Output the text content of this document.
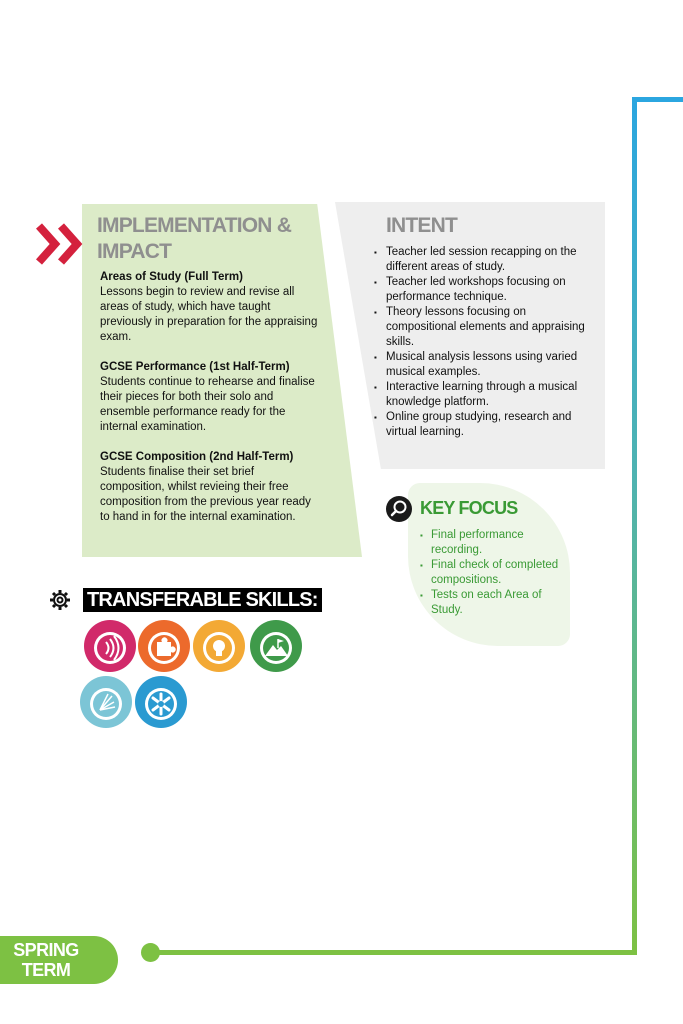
IMPLEMENTATION & IMPACT

Areas of Study (Full Term)
Lessons begin to review and revise all areas of study, which have taught previously in preparation for the appraising exam.

GCSE Performance (1st Half-Term)
Students continue to rehearse and finalise their pieces for both their solo and ensemble performance ready for the internal examination.

GCSE Composition (2nd Half-Term)
Students finalise their set brief composition, whilst revieing their free composition from the previous year ready to hand in for the internal examination.

INTENT
▪ Teacher led session recapping on the different areas of study.
▪ Teacher led workshops focusing on performance technique.
▪ Theory lessons focusing on compositional elements and appraising skills.
▪ Musical analysis lessons using varied musical examples.
▪ Interactive learning through a musical knowledge platform.
▪ Online group studying, research and virtual learning.
KEY FOCUS
▪ Final performance recording.
▪ Final check of completed compositions.
▪ Tests on each Area of Study.
TRANSFERABLE SKILLS:
SPRING
TERM
